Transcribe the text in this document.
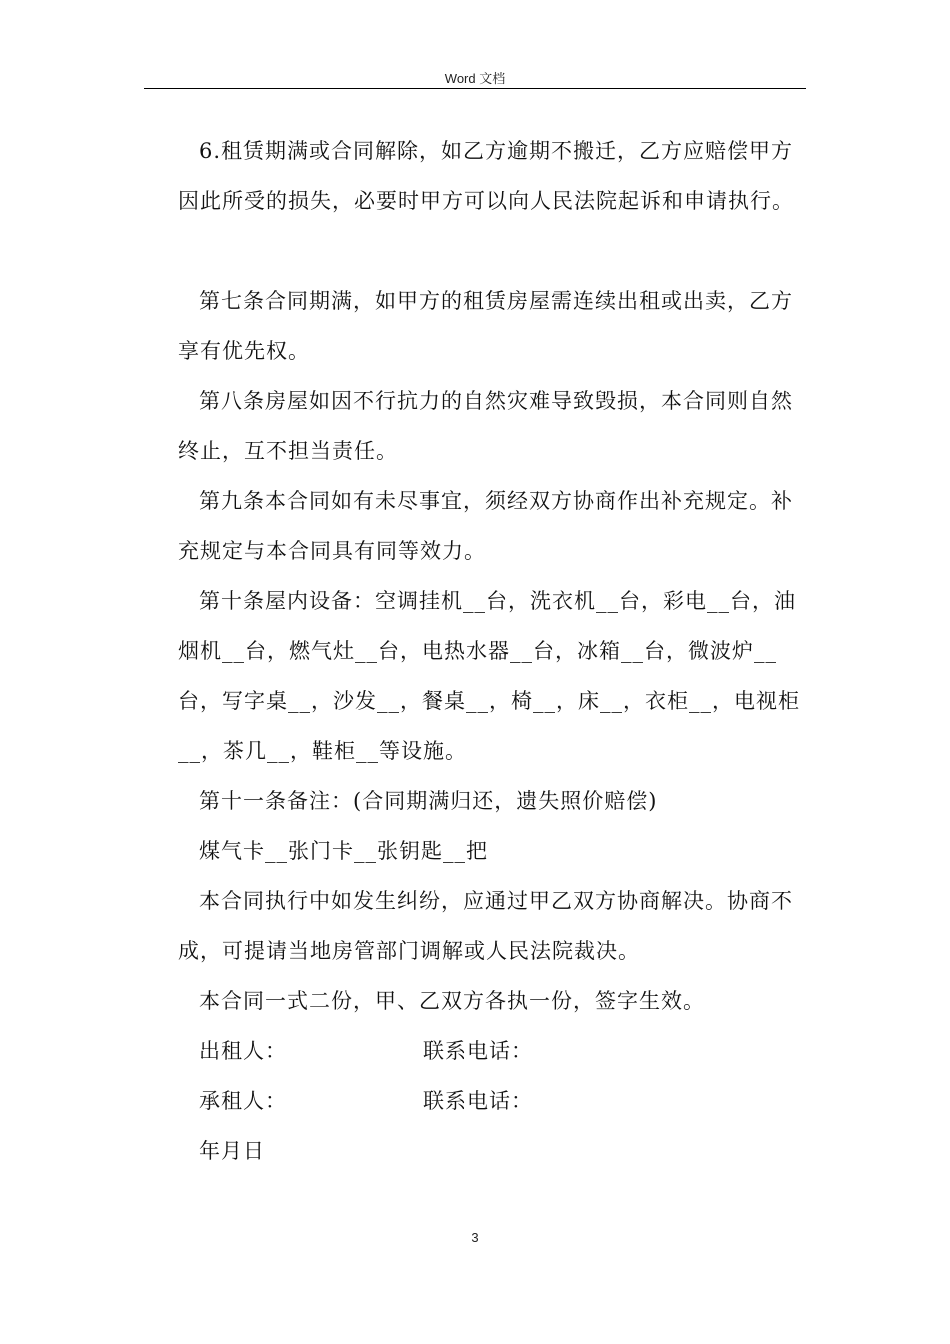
Word 文档

6.租赁期满或合同解除，如乙方逾期不搬迁，乙方应赔偿甲方因此所受的损失，必要时甲方可以向人民法院起诉和申请执行。

第七条合同期满，如甲方的租赁房屋需连续出租或出卖，乙方享有优先权。

第八条房屋如因不行抗力的自然灾难导致毁损，本合同则自然终止，互不担当责任。

第九条本合同如有未尽事宜，须经双方协商作出补充规定。补充规定与本合同具有同等效力。

第十条屋内设备：空调挂机__台，洗衣机__台，彩电__台，油烟机__台，燃气灶__台，电热水器__台，冰箱__台，微波炉__台，写字桌__，沙发__，餐桌__，椅__，床__，衣柜__，电视柜__，茶几__，鞋柜__等设施。

第十一条备注：(合同期满归还，遗失照价赔偿)

煤气卡__张门卡__张钥匙__把

本合同执行中如发生纠纷，应通过甲乙双方协商解决。协商不成，可提请当地房管部门调解或人民法院裁决。

本合同一式二份，甲、乙双方各执一份，签字生效。

出租人：	联系电话：
承租人：	联系电话：

年月日

3
